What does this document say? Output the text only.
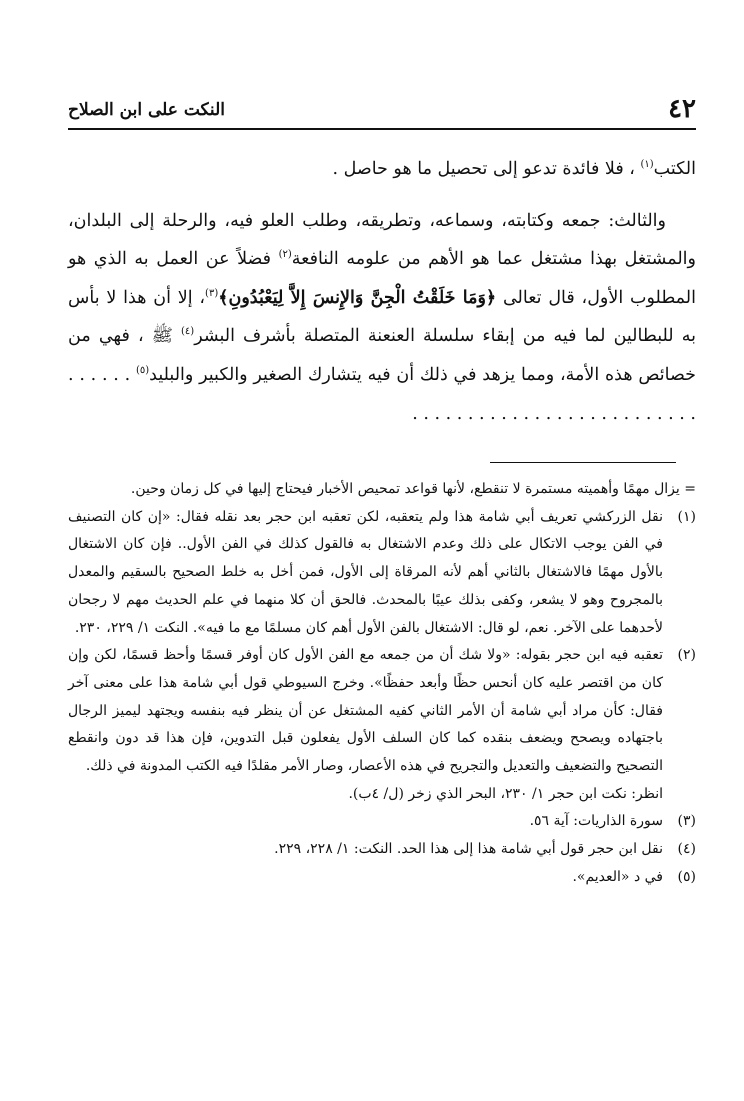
٤٢
النكت على ابن الصلاح

الكتب$^{(١)}$ ، فلا فائدة تدعو إلى تحصيل ما هو حاصل .

والثالث: جمعه وكتابته، وسماعه، وتطريقه، وطلب العلو فيه، والرحلة إلى البلدان، والمشتغل بهذا مشتغل عما هو الأهم من علومه النافعة$^{(٢)}$ فضلاً عن العمل به الذي هو المطلوب الأول، قال تعالى ﴿وَمَا خَلَقْتُ الْجِنَّ وَالإِنسَ إِلاَّ لِيَعْبُدُونِ﴾$^{(٣)}$، إلا أن هذا لا بأس به للبطالين لما فيه من إبقاء سلسلة العنعنة المتصلة بأشرف البشر$^{(٤)}$ ﷺ ، فهي من خصائص هذه الأمة، ومما يزهد في ذلك أن فيه يتشارك الصغير والكبير والبليد$^{(٥)}$ . . . . . . . . . . . . . . . . . . . . . . . . . . . . . . . .

= يزال مهمًا وأهميته مستمرة لا تنقطع، لأنها قواعد تمحيص الأخبار فيحتاج إليها في كل زمان وحين.
(١)
نقل الزركشي تعريف أبي شامة هذا ولم يتعقبه، لكن تعقبه ابن حجر بعد نقله فقال: «إن كان التصنيف في الفن يوجب الاتكال على ذلك وعدم الاشتغال به فالقول كذلك في الفن الأول.. فإن كان الاشتغال بالأول مهمًا فالاشتغال بالثاني أهم لأنه المرقاة إلى الأول، فمن أخل به خلط الصحيح بالسقيم والمعدل بالمجروح وهو لا يشعر، وكفى بذلك عيبًا بالمحدث. فالحق أن كلا منهما في علم الحديث مهم لا رجحان لأحدهما على الآخر. نعم، لو قال: الاشتغال بالفن الأول أهم كان مسلمًا مع ما فيه». النكت ١/ ٢٢٩، ٢٣٠.
(٢)
تعقبه فيه ابن حجر بقوله: «ولا شك أن من جمعه مع الفن الأول كان أوفر قسمًا وأحظ قسمًا، لكن وإن كان من اقتصر عليه كان أنحس حظًا وأبعد حفظًا». وخرج السيوطي قول أبي شامة هذا على معنى آخر فقال: كأن مراد أبي شامة أن الأمر الثاني كفيه المشتغل عن أن ينظر فيه بنفسه ويجتهد ليميز الرجال باجتهاده ويصحح ويضعف بنقده كما كان السلف الأول يفعلون قبل التدوين، فإن هذا قد دون وانقطع التصحيح والتضعيف والتعديل والتجريح في هذه الأعصار، وصار الأمر مقلدًا فيه الكتب المدونة في ذلك.
انظر: نكت ابن حجر ١/ ٢٣٠، البحر الذي زخر (ل/ ٤ب).
(٣)
سورة الذاريات: آية ٥٦.
(٤)
نقل ابن حجر قول أبي شامة هذا إلى هذا الحد. النكت: ١/ ٢٢٨، ٢٢٩.
(٥)
في د «العديم».
